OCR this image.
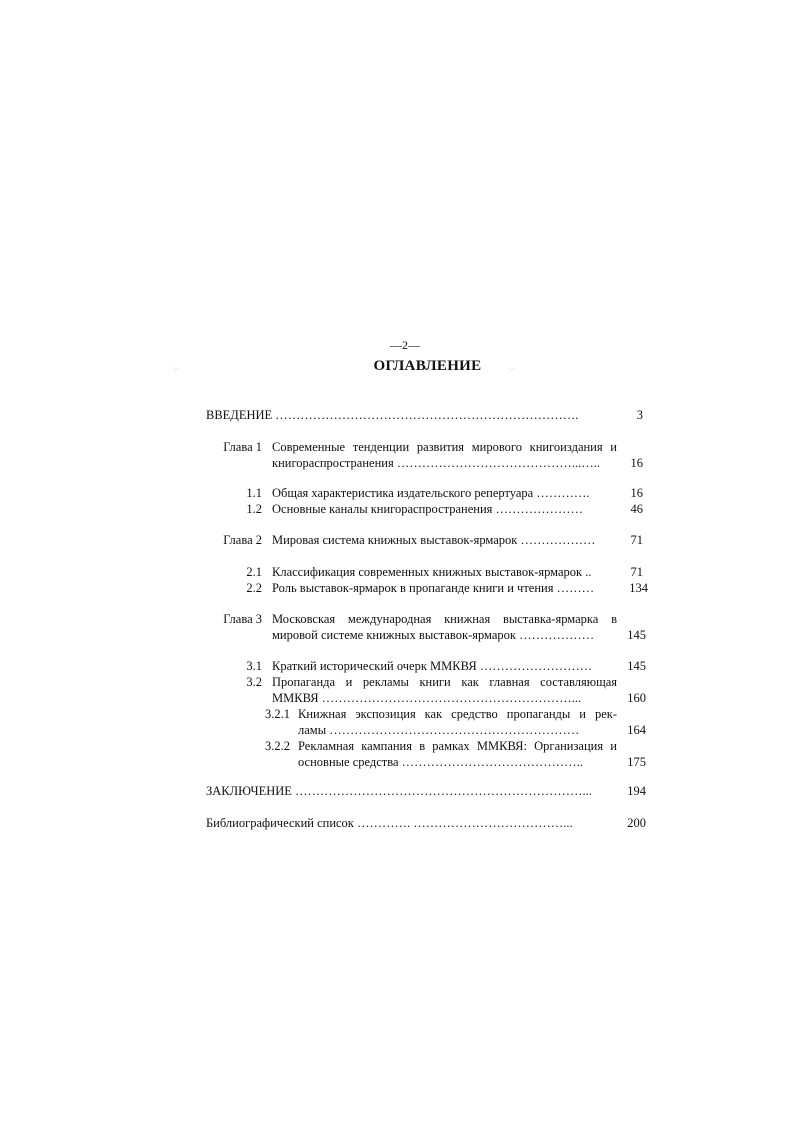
—2—
ОГЛАВЛЕНИЕ
ВВЕДЕНИЕ ……………………………………………………………….	3
Глава 1 Современные тенденции развития мирового книгоиздания и
книгораспространения ……………………………………...…..	16
1.1 Общая характеристика издательского репертуара ………….	16
1.2 Основные каналы книгораспространения …………………	46
Глава 2 Мировая система книжных выставок-ярмарок ………………	71
2.1 Классификация современных книжных выставок-ярмарок ..	71
2.2 Роль выставок-ярмарок в пропаганде книги и чтения ………	134
Глава 3 Московская международная книжная выставка-ярмарка в
мировой системе книжных выставок-ярмарок ………………	145
3.1 Краткий исторический очерк ММКВЯ ………………………	145
3.2 Пропаганда и рекламы книги как главная составляющая
ММКВЯ ……………………………………………………...	160
3.2.1 Книжная экспозиция как средство пропаганды и рек-
ламы ……………………………………………………	164
3.2.2 Рекламная кампания в рамках ММКВЯ: Организация и
основные средства ……………………………………..	175
ЗАКЛЮЧЕНИЕ ……………………………………………………………...	194
Библиографический список …………. ………………………………...	200
·:·	·.·
